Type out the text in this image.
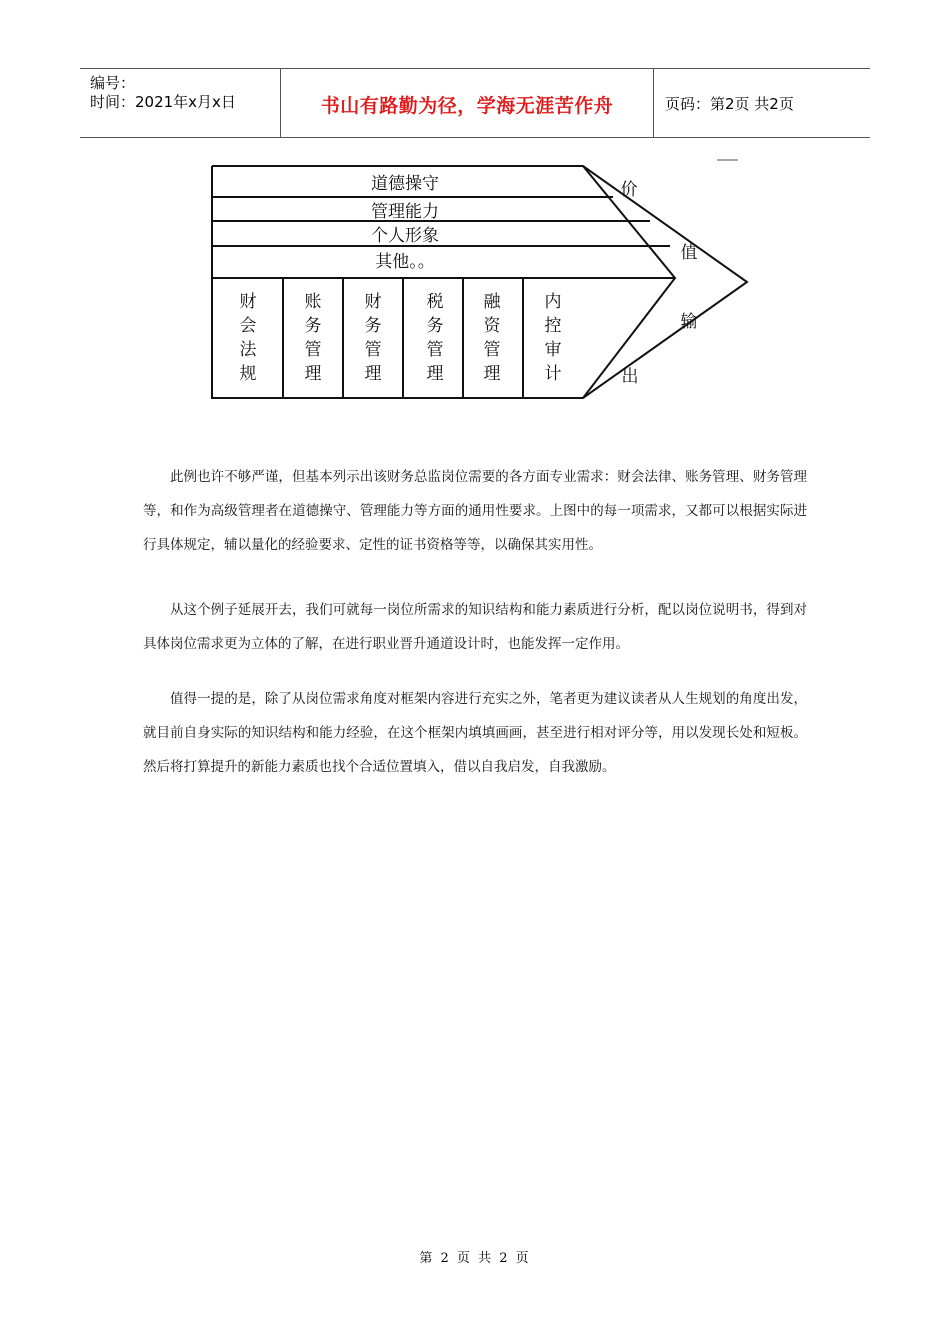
编号：
时间：2021年x月x日	书山有路勤为径，学海无涯苦作舟	页码：第2页 共2页
道德操守
管理能力
个人形象
其他。。
财
会
法
规
账
务
管
理
财
务
管
理
税
务
管
理
融
资
管
理
内
控
审
计
价
值
输
出

此例也许不够严谨，但基本列示出该财务总监岗位需要的各方面专业需求：财会法律、账务管理、财务管理等，和作为高级管理者在道德操守、管理能力等方面的通用性要求。上图中的每一项需求，又都可以根据实际进行具体规定，辅以量化的经验要求、定性的证书资格等等，以确保其实用性。

从这个例子延展开去，我们可就每一岗位所需求的知识结构和能力素质进行分析，配以岗位说明书，得到对具体岗位需求更为立体的了解，在进行职业晋升通道设计时，也能发挥一定作用。

值得一提的是，除了从岗位需求角度对框架内容进行充实之外，笔者更为建议读者从人生规划的角度出发，就目前自身实际的知识结构和能力经验，在这个框架内填填画画，甚至进行相对评分等，用以发现长处和短板。然后将打算提升的新能力素质也找个合适位置填入，借以自我启发，自我激励。

第 2 页 共 2 页
